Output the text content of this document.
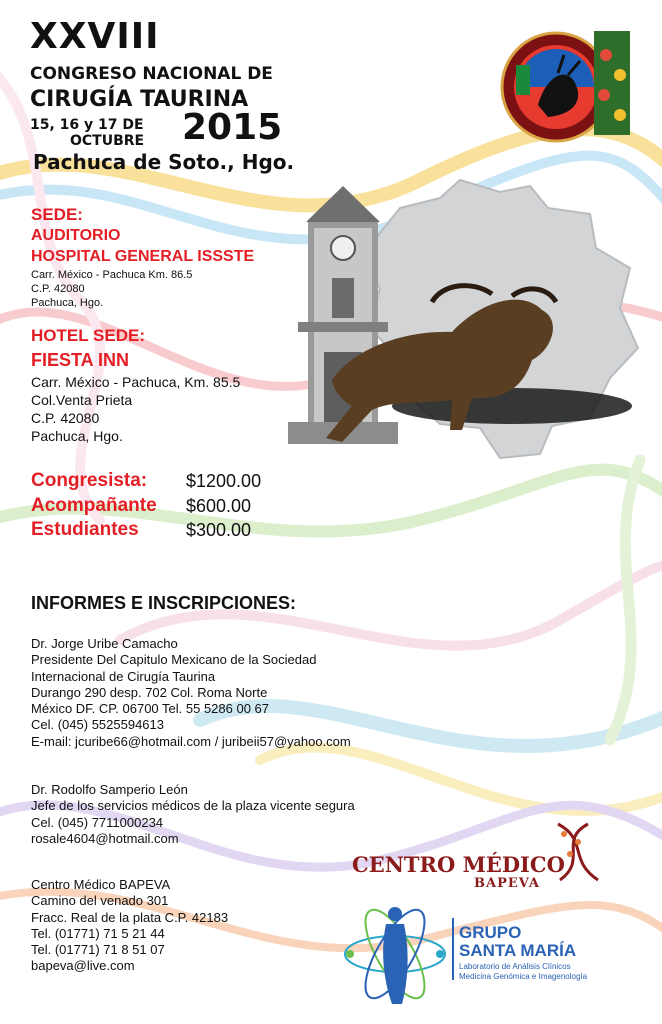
XXVIII
CONGRESO NACIONAL DE
CIRUGÍA TAURINA
15, 16 y 17 DE
OCTUBRE 2015
Pachuca de Soto., Hgo.
SEDE:
AUDITORIO
HOSPITAL GENERAL ISSSTE
Carr. México - Pachuca Km. 86.5
C.P. 42080
Pachuca, Hgo.
HOTEL SEDE:
FIESTA INN
Carr. México - Pachuca, Km. 85.5
Col.Venta Prieta
C.P. 42080
Pachuca, Hgo.
Congresista: $1200.00
Acompañante $600.00
Estudiantes	$300.00
INFORMES E INSCRIPCIONES:
Dr. Jorge Uribe Camacho
Presidente Del Capitulo Mexicano de la Sociedad
Internacional de Cirugía Taurina
Durango 290 desp. 702 Col. Roma Norte
México DF. CP. 06700 Tel. 55 5286 00 67
Cel. (045) 5525594613
E-mail: jcuribe66@hotmail.com / juribeii57@yahoo.com
Dr. Rodolfo Samperio León
Jefe de los servicios médicos de la plaza vicente segura
Cel. (045) 7711000234
rosale4604@hotmail.com
Centro Médico BAPEVA
Camino del venado 301
Fracc. Real de la plata C.P. 42183
Tel. (01771) 71 5 21 44
Tel. (01771) 71 8 51 07
bapeva@live.com
CENTRO MÉDICO
BAPEVA
GRUPO
SANTA MARÍA
Laboratorio de Análisis Clínicos
Medicina Genómica e Imagenología
